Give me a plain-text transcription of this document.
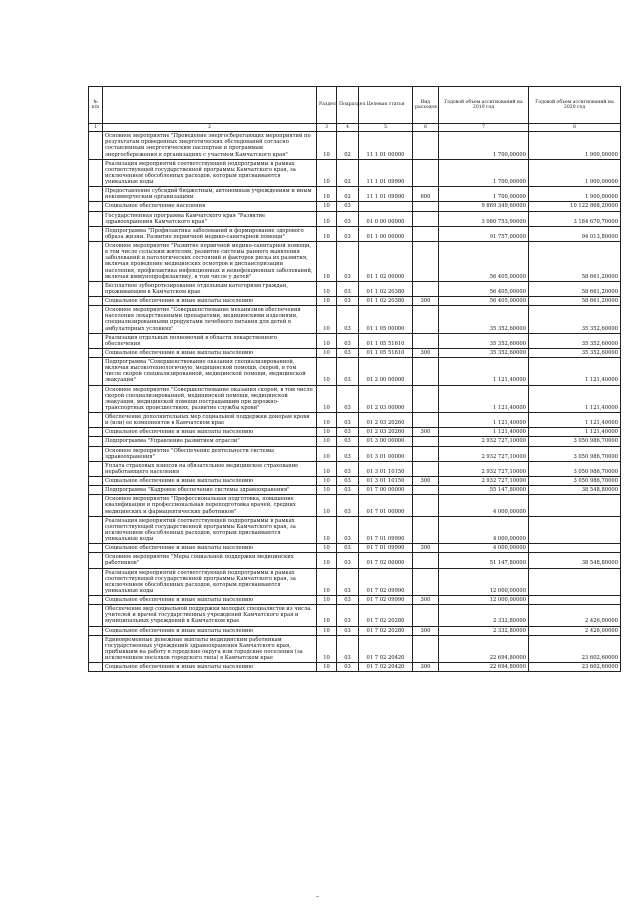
№ п/п		Раздел	Подраздел	Целевая статья	Вид расходов	Годовой объем ассигнований на 2019 год	Годовой объем ассигнований на 2020 год
1	2	3	4	5	6	7	8
	Основное мероприятие "Проведение энергосберегающих мероприятий по результатам проведенных энергетических обследований согласно составленным энергетическим паспортам и программам энергосбережения в организациях с участием Камчатского края"	10	02	11 1 01 00000		1 700,00000	1 900,00000
	Реализация мероприятий соответствующей подпрограммы в рамках соответствующей государственной программы Камчатского края, за исключением обособленных расходов, которым присваиваются уникальные коды	10	02	11 1 01 09990		1 700,00000	1 900,00000
	Предоставление субсидий бюджетным, автономным учреждениям и иным некоммерческим организациям	10	02	11 1 01 09990	600	1 700,00000	1 900,00000
	Социальное обеспечение населения	10	03			9 869 349,60000	10 122 868,20000
	Государственная программа Камчатского края "Развитие здравоохранения Камчатского края"	10	03	01 0 00 00000		3 080 753,90000	3 184 670,70000
	Подпрограмма "Профилактика заболеваний и формирование здорового образа жизни. Развитие первичной медико-санитарной помощи"	10	03	01 1 00 00000		91 757,00000	94 013,80000
	Основное мероприятие "Развитие первичной медико-санитарной помощи, в том числе сельским жителям, развитие системы раннего выявления заболеваний и патологических состояний и факторов риска их развития, включая проведение медицинских осмотров и диспансеризации населения, профилактика инфекционных и неинфекционных заболеваний, включая иммунопрофилактику, в том числе у детей"	10	03	01 1 02 00000		56 405,00000	58 661,20000
	Бесплатное зубопротезирование отдельным категориям граждан, проживающим в Камчатском крае	10	03	01 1 02 20380		56 405,00000	58 661,20000
	Социальное обеспечение и иные выплаты населению	10	03	01 1 02 20380	300	56 405,00000	58 661,20000
	Основное мероприятие "Совершенствование механизмов обеспечения населения лекарственными препаратами, медицинскими изделиями, специализированными продуктами лечебного питания для детей в амбулаторных условиях"	10	03	01 1 05 00000		35 352,60000	35 352,60000
	Реализация отдельных полномочий в области лекарственного обеспечения	10	03	01 1 05 51610		35 352,60000	35 352,60000
	Социальное обеспечение и иные выплаты населению	10	03	01 1 05 51610	300	35 352,60000	35 352,60000
	Подпрограмма "Совершенствование оказания специализированной, включая высокотехнологичную, медицинской помощи, скорой, в том числе скорой специализированной, медицинской помощи, медицинской эвакуации"	10	03	01 2 00 00000		1 121,40000	1 121,40000
	Основное мероприятие "Совершенствование оказания скорой, в том числе скорой специализированной, медицинской помощи, медицинской эвакуации, медицинской помощи пострадавшим при дорожно-транспортных происшествиях, развитие службы крови"	10	03	01 2 03 00000		1 121,40000	1 121,40000
	Обеспечение дополнительных мер социальной поддержки донорам крови и (или) ее компонентов в Камчатском крае	10	03	01 2 03 20260		1 121,40000	1 121,40000
	Социальное обеспечение и иные выплаты населению	10	03	01 2 03 20260	300	1 121,40000	1 121,40000
	Подпрограмма "Управление развитием отрасли"	10	03	01 3 00 00000		2 932 727,10000	3 050 986,70000
	Основное мероприятие "Обеспечение деятельности системы здравоохранения"	10	03	01 3 01 00000		2 932 727,10000	3 050 986,70000
	Уплата страховых взносов на обязательное медицинское страхование неработающего населения	10	03	01 3 01 10150		2 932 727,10000	3 050 986,70000
	Социальное обеспечение и иные выплаты населению	10	03	01 3 01 10150	300	2 932 727,10000	3 050 986,70000
	Подпрограмма "Кадровое обеспечение системы здравоохранения"	10	03	01 7 00 00000		55 147,80000	38 548,80000
	Основное мероприятие "Профессиональная подготовка, повышение квалификации и профессиональная переподготовка врачей, средних медицинских и фармацевтических работников"	10	03	01 7 01 00000		4 000,00000	
	Реализация мероприятий соответствующей подпрограммы в рамках соответствующей государственной программы Камчатского края, за исключением обособленных расходов, которым присваиваются уникальные коды	10	03	01 7 01 09990		4 000,00000	
	Социальное обеспечение и иные выплаты населению	10	03	01 7 01 09990	300	4 000,00000	
	Основное мероприятие "Меры социальной поддержки медицинских работников"	10	03	01 7 02 00000		51 147,80000	38 548,80000
	Реализация мероприятий соответствующей подпрограммы в рамках соответствующей государственной программы Камчатского края, за исключением обособленных расходов, которым присваиваются уникальные коды	10	03	01 7 02 09990		12 000,00000	
	Социальное обеспечение и иные выплаты населению	10	03	01 7 02 09990	300	12 000,00000	
	Обеспечение мер социальной поддержки молодых специалистов из числа учителей и врачей государственных учреждений Камчатского края и муниципальных учреждений в Камчатском крае	10	03	01 7 02 20280		2 332,80000	2 426,00000
	Социальное обеспечение и иные выплаты населению	10	03	01 7 02 20280	300	2 332,80000	2 426,00000
	Единовременные денежные выплаты медицинским работникам государственных учреждений здравоохранения Камчатского края, прибывшим на работу в городские округа или городские поселения (за исключением поселков городского типа) в Камчатском крае	10	03	01 7 02 20420		22 694,80000	23 602,60000
	Социальное обеспечение и иные выплаты населению	10	03	01 7 02 20420	300	22 694,80000	23 602,60000
–
